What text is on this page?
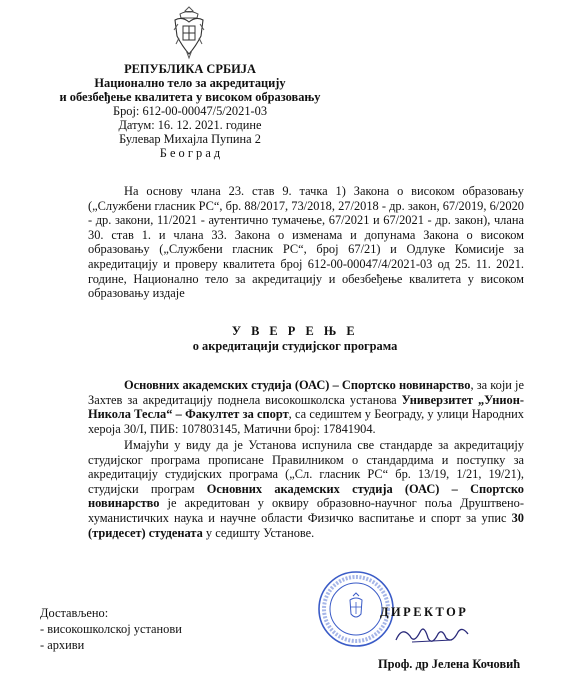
РЕПУБЛИКА СРБИЈА
Национално тело за акредитацију
и обезбеђење квалитета у високом образовању
Број: 612-00-00047/5/2021-03
Датум: 16. 12. 2021. године
Булевар Михајла Пупина 2
Б е о г р а д

На основу члана 23. став 9. тачка 1) Закона о високом образовању („Службени гласник РС“, бр. 88/2017, 73/2018, 27/2018 - др. закон, 67/2019, 6/2020 - др. закони, 11/2021 - аутентично тумачење, 67/2021 и 67/2021 - др. закон), члана 30. став 1. и члана 33. Закона о изменама и допунама Закона о високом образовању („Службени гласник РС“, број 67/21) и Одлуке Комисије за акредитацију и проверу квалитета број 612-00-00047/4/2021-03 од 25. 11. 2021. године, Национално тело за акредитацију и обезбеђење квалитета у високом образовању издаје

У В Е Р Е Њ Е
о акредитацији студијског програма

Основних академских студија (ОАС) – Спортско новинарство, за који је Захтев за акредитацију поднела високошколска установа Универзитет „Унион-Никола Тесла“ – Факултет за спорт, са седиштем у Београду, у улици Народних хероја 30/I, ПИБ: 107803145, Матични број: 17841904.

Имајући у виду да је Установа испунила све стандарде за акредитацију студијског програма прописане Правилником о стандардима и поступку за акредитацију студијских програма („Сл. гласник РС“ бр. 13/19, 1/21, 19/21), студијски програм Основних академских студија (ОАС) – Спортско новинарство је акредитован у оквиру образовно-научног поља Друштвено-хуманистичких наука и научне области Физичко васпитање и спорт за упис 30 (тридесет) студената у седишту Установе.

Достављено:
- високошколској установи
- архиви
ДИРЕКТОР
Проф. др Јелена Кочовић
